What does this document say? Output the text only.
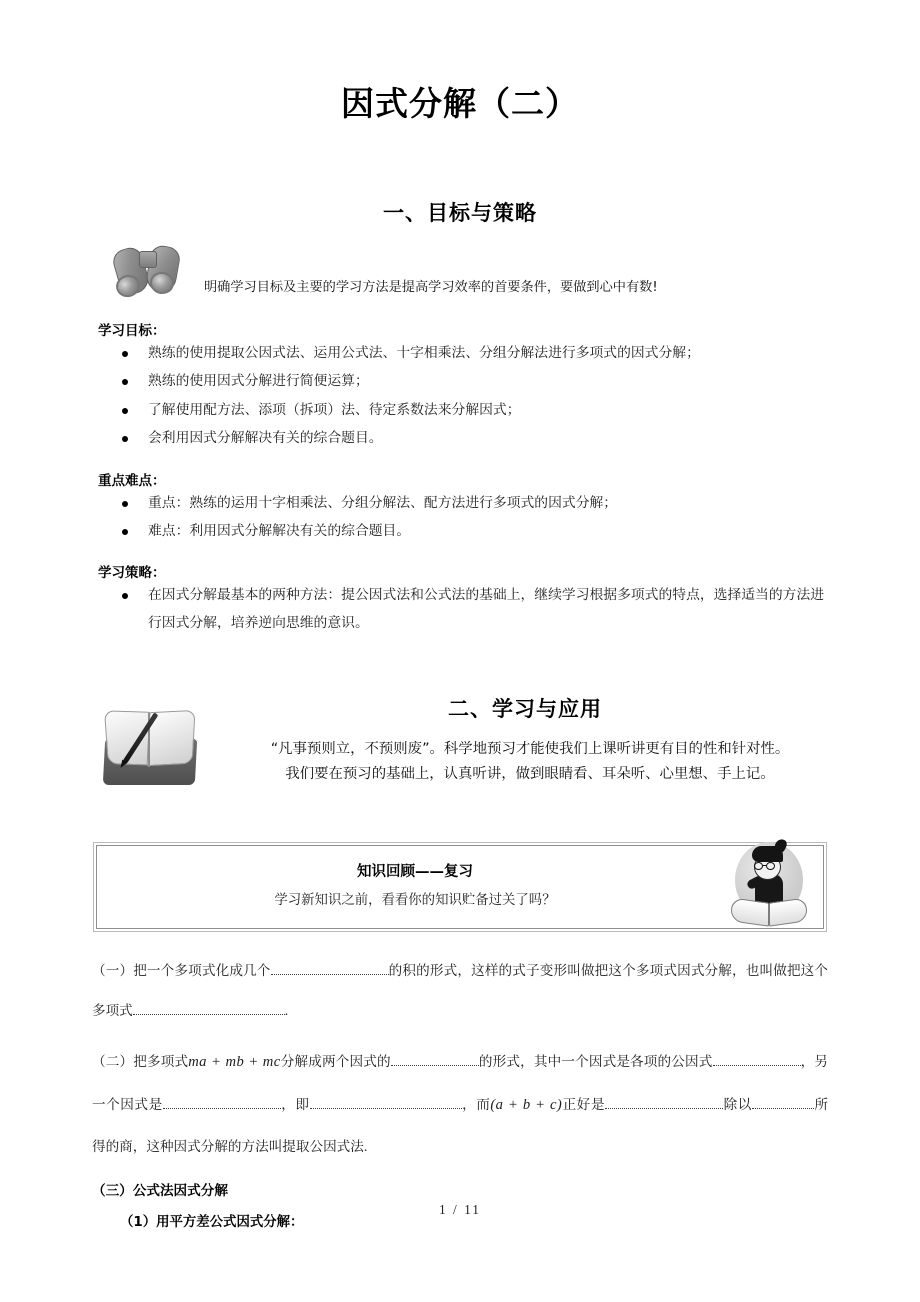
因式分解（二）
一、目标与策略
明确学习目标及主要的学习方法是提高学习效率的首要条件，要做到心中有数!
学习目标：
熟练的使用提取公因式法、运用公式法、十字相乘法、分组分解法进行多项式的因式分解；
熟练的使用因式分解进行简便运算；
了解使用配方法、添项（拆项）法、待定系数法来分解因式；
会利用因式分解解决有关的综合题目。
重点难点：
重点：熟练的运用十字相乘法、分组分解法、配方法进行多项式的因式分解；
难点：利用因式分解解决有关的综合题目。
学习策略：
在因式分解最基本的两种方法：提公因式法和公式法的基础上，继续学习根据多项式的特点，选择适当的方法进行因式分解，培养逆向思维的意识。
二、学习与应用
“凡事预则立，不预则废”。科学地预习才能使我们上课听讲更有目的性和针对性。
我们要在预习的基础上，认真听讲，做到眼睛看、耳朵听、心里想、手上记。
知识回顾——复习
学习新知识之前，看看你的知识贮备过关了吗？
（一）把一个多项式化成几个	的积的形式，这样的式子变形叫做把这个多项式因式分解，也叫做把这个多项式	.
（二）把多项式ma + mb + mc分解成两个因式的	的形式，其中一个因式是各项的公因式	，另一个因式是	，即	，而(a + b + c)正好是	除以	所得的商，这种因式分解的方法叫提取公因式法.
（三）公式法因式分解
（1）用平方差公式因式分解：
1 / 11
